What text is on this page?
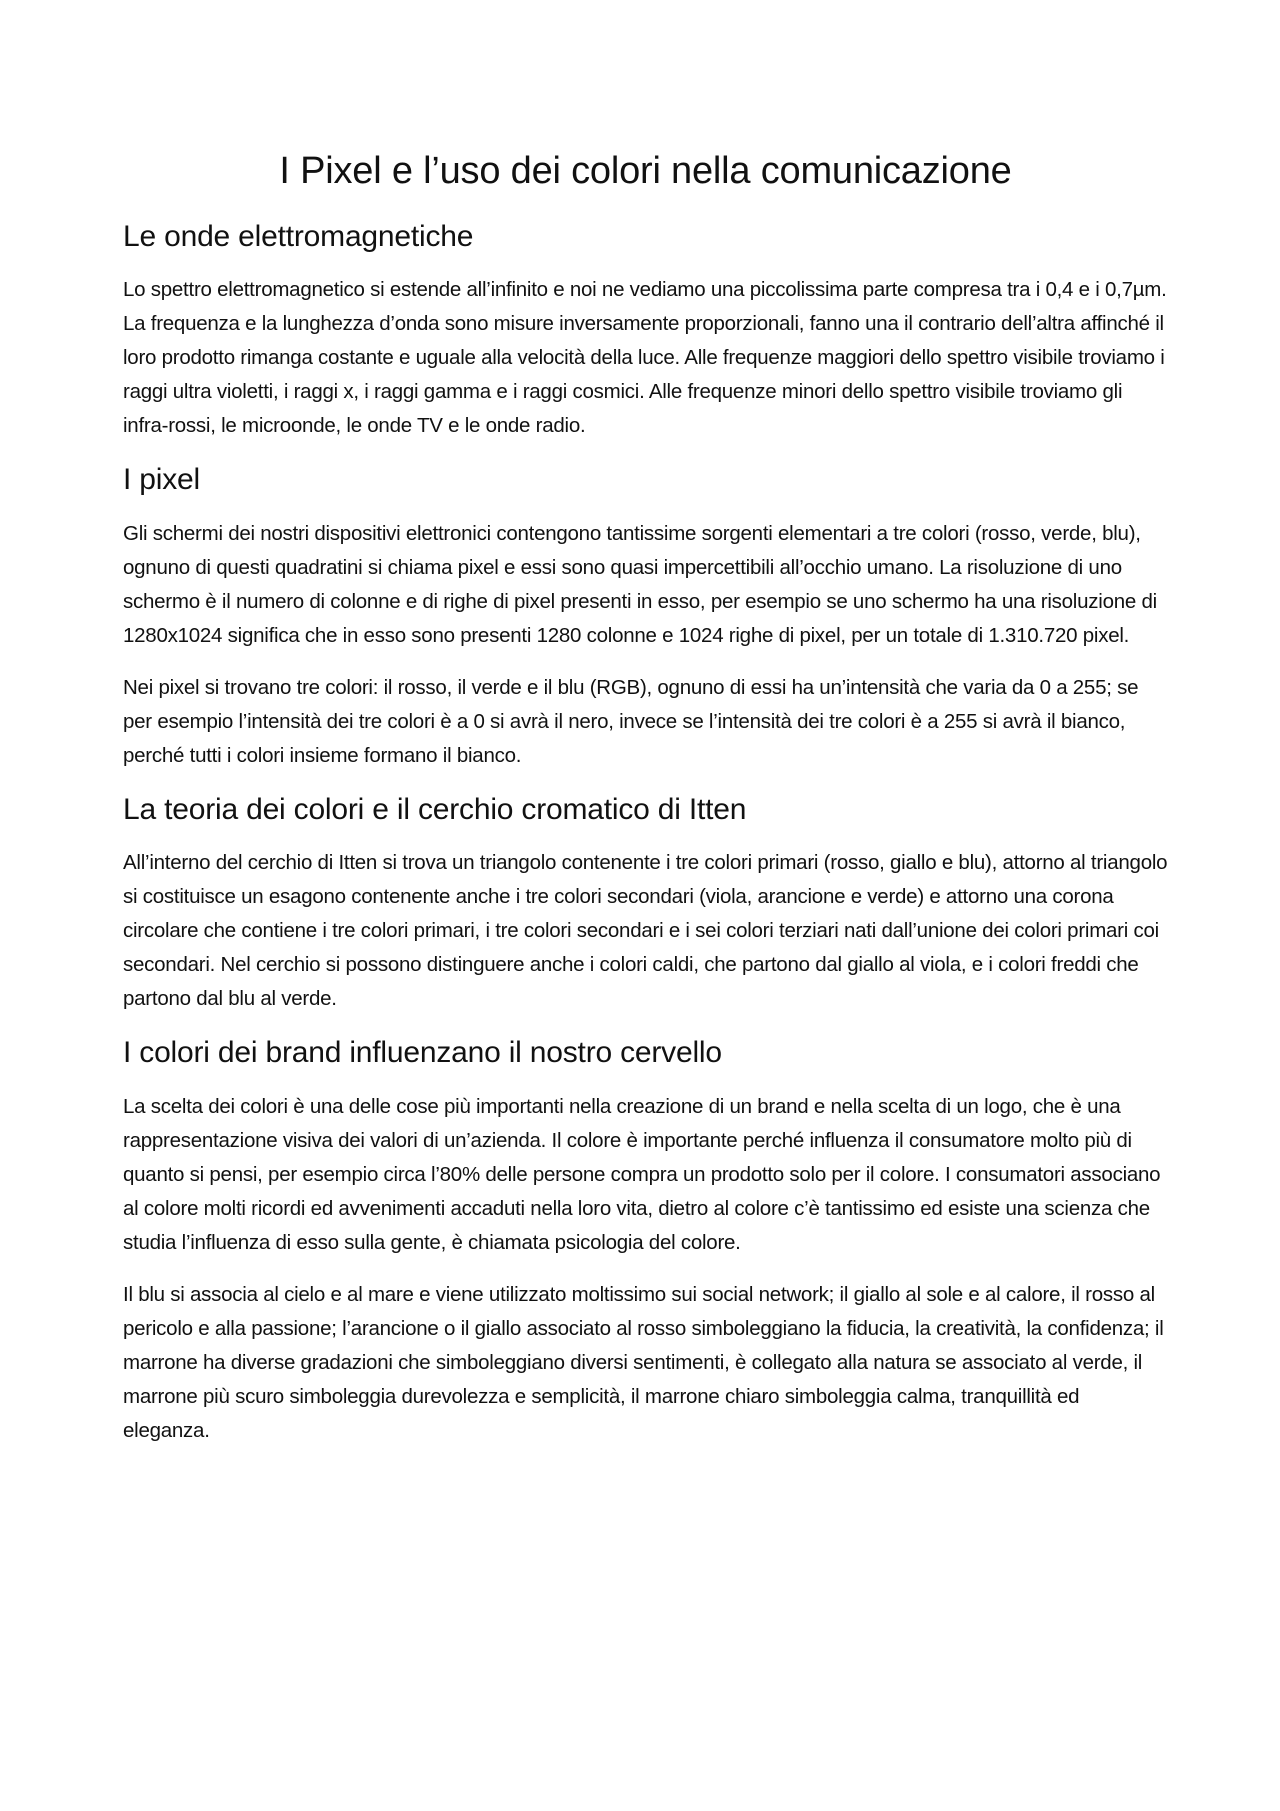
I Pixel e l’uso dei colori nella comunicazione
Le onde elettromagnetiche

Lo spettro elettromagnetico si estende all’infinito e noi ne vediamo una piccolissima parte compresa tra i 0,4 e i 0,7µm. La frequenza e la lunghezza d’onda sono misure inversamente proporzionali, fanno una il contrario dell’altra affinché il loro prodotto rimanga costante e uguale alla velocità della luce. Alle frequenze maggiori dello spettro visibile troviamo i raggi ultra violetti, i raggi x, i raggi gamma e i raggi cosmici. Alle frequenze minori dello spettro visibile troviamo gli infra-rossi, le microonde, le onde TV e le onde radio.

I pixel

Gli schermi dei nostri dispositivi elettronici contengono tantissime sorgenti elementari a tre colori (rosso, verde, blu), ognuno di questi quadratini si chiama pixel e essi sono quasi impercettibili all’occhio umano. La risoluzione di uno schermo è il numero di colonne e di righe di pixel presenti in esso, per esempio se uno schermo ha una risoluzione di 1280x1024 significa che in esso sono presenti 1280 colonne e 1024 righe di pixel, per un totale di 1.310.720 pixel.

Nei pixel si trovano tre colori: il rosso, il verde e il blu (RGB), ognuno di essi ha un’intensità che varia da 0 a 255; se per esempio l’intensità dei tre colori è a 0 si avrà il nero, invece se l’intensità dei tre colori è a 255 si avrà il bianco, perché tutti i colori insieme formano il bianco.

La teoria dei colori e il cerchio cromatico di Itten

All’interno del cerchio di Itten si trova un triangolo contenente i tre colori primari (rosso, giallo e blu), attorno al triangolo si costituisce un esagono contenente anche i tre colori secondari (viola, arancione e verde) e attorno una corona circolare che contiene i tre colori primari, i tre colori secondari e i sei colori terziari nati dall’unione dei colori primari coi secondari. Nel cerchio si possono distinguere anche i colori caldi, che partono dal giallo al viola, e i colori freddi che partono dal blu al verde.

I colori dei brand influenzano il nostro cervello

La scelta dei colori è una delle cose più importanti nella creazione di un brand e nella scelta di un logo, che è una rappresentazione visiva dei valori di un’azienda. Il colore è importante perché influenza il consumatore molto più di quanto si pensi, per esempio circa l’80% delle persone compra un prodotto solo per il colore. I consumatori associano al colore molti ricordi ed avvenimenti accaduti nella loro vita, dietro al colore c’è tantissimo ed esiste una scienza che studia l’influenza di esso sulla gente, è chiamata psicologia del colore.

Il blu si associa al cielo e al mare e viene utilizzato moltissimo sui social network; il giallo al sole e al calore, il rosso al pericolo e alla passione; l’arancione o il giallo associato al rosso simboleggiano la fiducia, la creatività, la confidenza; il marrone ha diverse gradazioni che simboleggiano diversi sentimenti, è collegato alla natura se associato al verde, il marrone più scuro simboleggia durevolezza e semplicità, il marrone chiaro simboleggia calma, tranquillità ed eleganza.
